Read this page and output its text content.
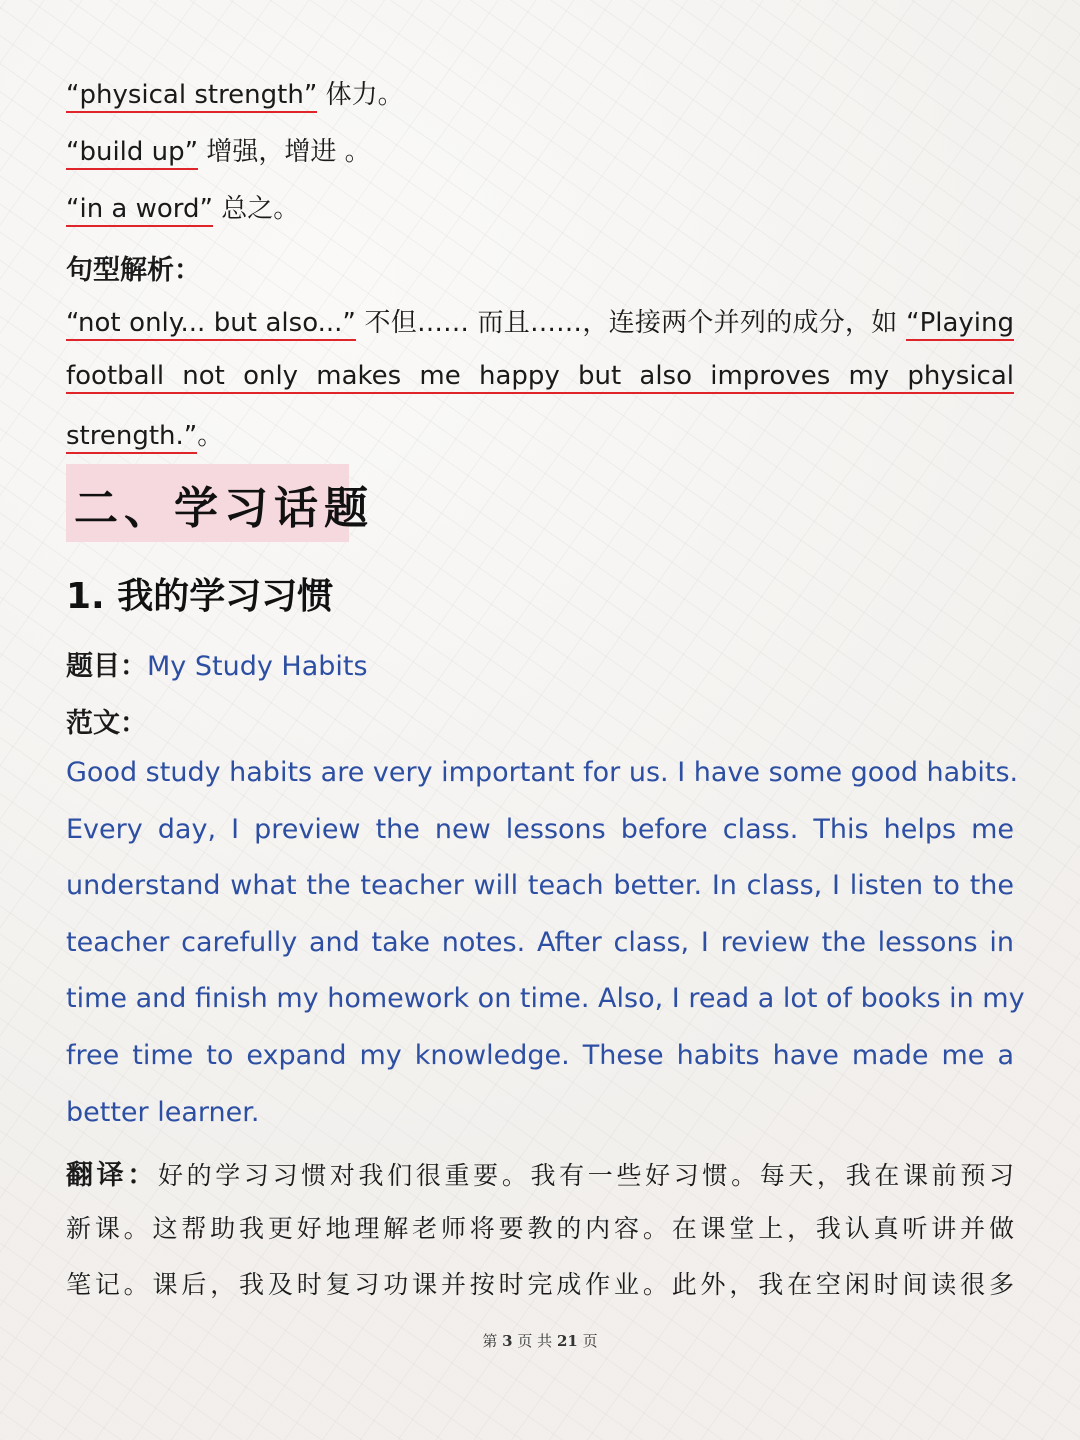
“physical strength” 体力。
“build up” 增强，增进 。
“in a word” 总之。
句型解析：
“not only... but also...” 不但…… 而且……，连接两个并列的成分，如 “Playing
football not only makes me happy but also improves my physical
strength.”。
二、学习话题
1. 我的学习习惯
题目：My Study Habits
范文：
Good study habits are very important for us. I have some good habits.
Every day, I preview the new lessons before class. This helps me
understand what the teacher will teach better. In class, I listen to the
teacher carefully and take notes. After class, I review the lessons in
time and finish my homework on time. Also, I read a lot of books in my
free time to expand my knowledge. These habits have made me a
better learner.
翻译：好的学习习惯对我们很重要。我有一些好习惯。每天，我在课前预习
新课。这帮助我更好地理解老师将要教的内容。在课堂上，我认真听讲并做
笔记。课后，我及时复习功课并按时完成作业。此外，我在空闲时间读很多
第 3 页 共 21 页
